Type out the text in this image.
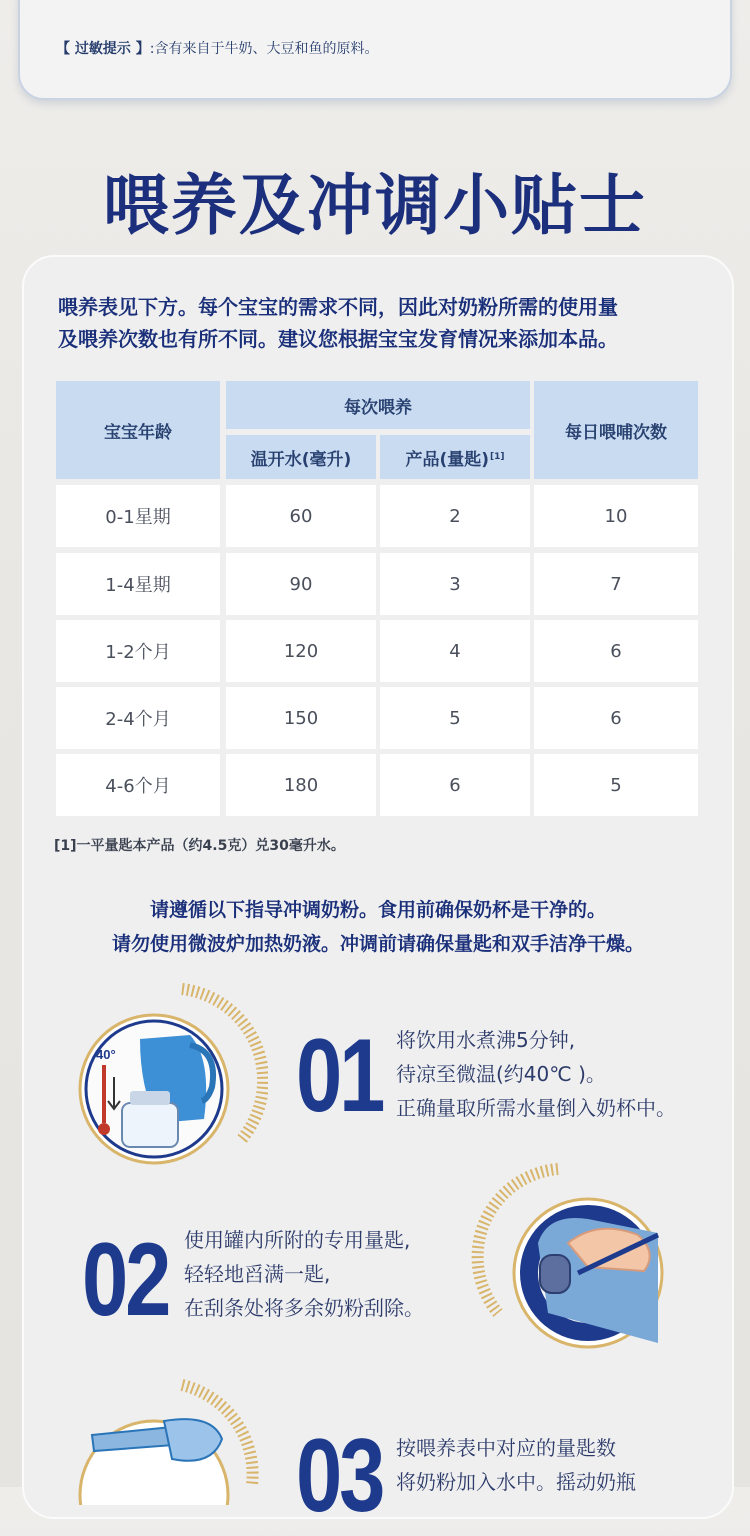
【 过敏提示 】:含有来自于牛奶、大豆和鱼的原料。
喂养及冲调小贴士
喂养表见下方。每个宝宝的需求不同，因此对奶粉所需的使用量
及喂养次数也有所不同。建议您根据宝宝发育情况来添加本品。
宝宝年龄
每次喂养
温开水(毫升)	产品(量匙) [1]
每日喂哺次数
0-1星期	60	2	10
1-4星期	90	3	7
1-2个月	120	4	6
2-4个月	150	5	6
4-6个月	180	6	5
[1]一平量匙本产品（约4.5克）兑30毫升水。
请遵循以下指导冲调奶粉。食用前确保奶杯是干净的。
请勿使用微波炉加热奶液。冲调前请确保量匙和双手洁净干燥。
40° 01 将饮用水煮沸5分钟,
待凉至微温(约40℃ )。
正确量取所需水量倒入奶杯中。
02 使用罐内所附的专用量匙,
轻轻地舀满一匙,
在刮条处将多余奶粉刮除。
03 按喂养表中对应的量匙数
将奶粉加入水中。摇动奶瓶
